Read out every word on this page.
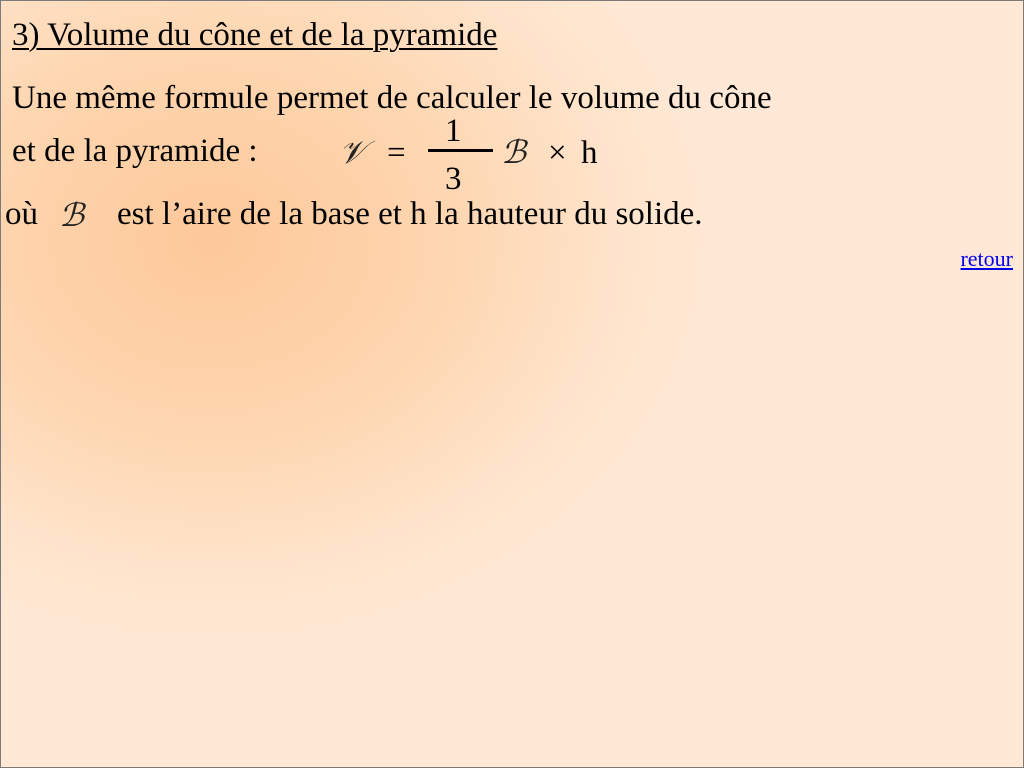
3) Volume du cône et de la pyramide
Une même formule permet de calculer le volume du cône
et de la pyramide :	𝒱 =
1
3
ℬ × h
où ℬ est l’aire de la base et h la hauteur du solide.
retour
